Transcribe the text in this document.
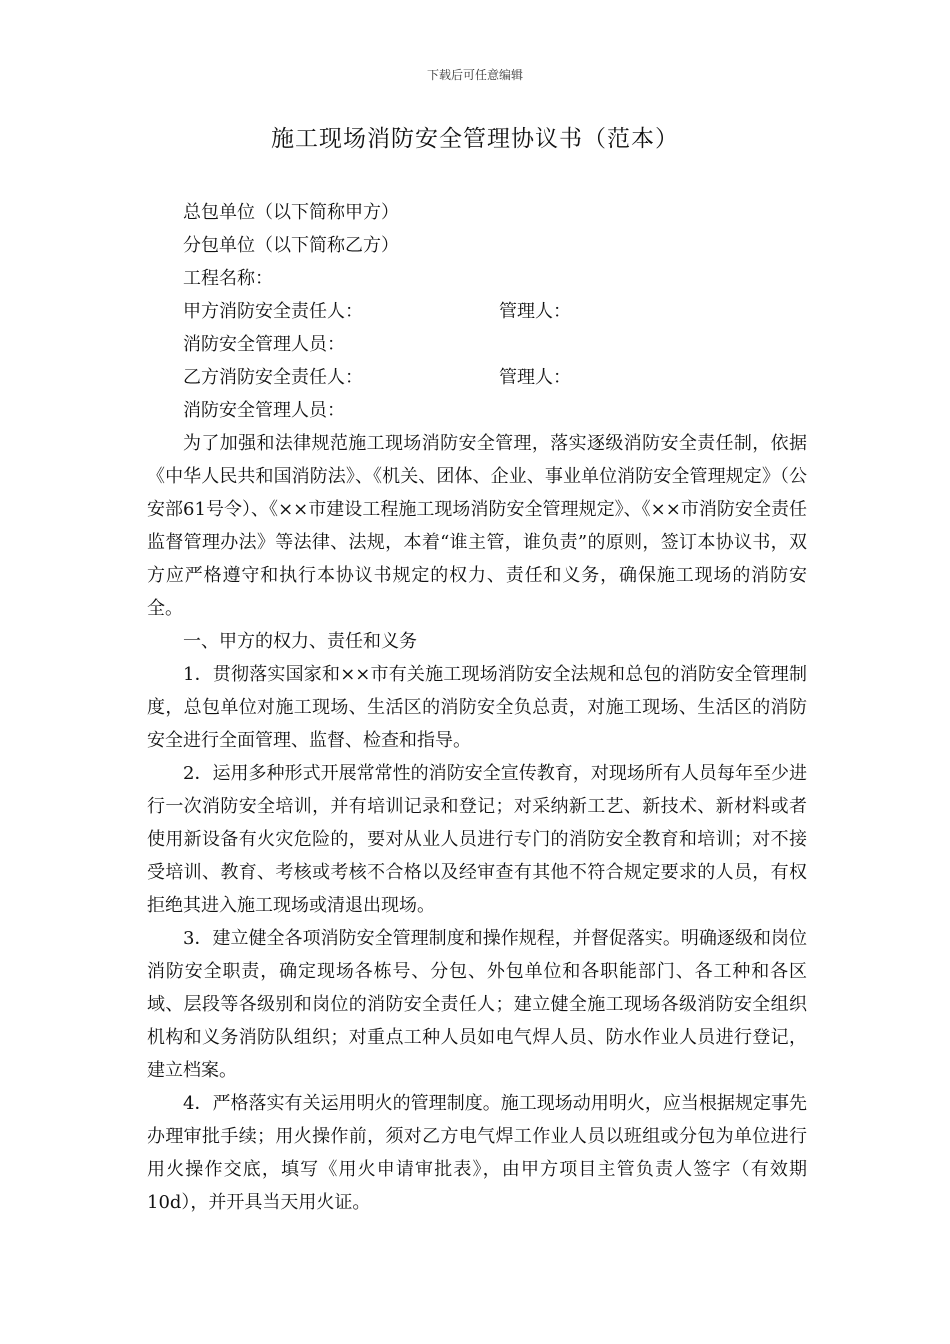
下载后可任意编辑
施工现场消防安全管理协议书（范本）
总包单位（以下简称甲方）
分包单位（以下简称乙方）
工程名称：
甲方消防安全责任人：	管理人：
消防安全管理人员：
乙方消防安全责任人：	管理人：
消防安全管理人员：

为了加强和法律规范施工现场消防安全管理，落实逐级消防安全责任制，依据《中华人民共和国消防法》、《机关、团体、企业、事业单位消防安全管理规定》（公安部61号令）、《××市建设工程施工现场消防安全管理规定》、《××市消防安全责任监督管理办法》等法律、法规，本着“谁主管，谁负责”的原则，签订本协议书，双方应严格遵守和执行本协议书规定的权力、责任和义务，确保施工现场的消防安全。

一、甲方的权力、责任和义务

1．贯彻落实国家和××市有关施工现场消防安全法规和总包的消防安全管理制度，总包单位对施工现场、生活区的消防安全负总责，对施工现场、生活区的消防安全进行全面管理、监督、检查和指导。

2．运用多种形式开展常常性的消防安全宣传教育，对现场所有人员每年至少进行一次消防安全培训，并有培训记录和登记；对采纳新工艺、新技术、新材料或者使用新设备有火灾危险的，要对从业人员进行专门的消防安全教育和培训；对不接受培训、教育、考核或考核不合格以及经审查有其他不符合规定要求的人员，有权拒绝其进入施工现场或清退出现场。

3．建立健全各项消防安全管理制度和操作规程，并督促落实。明确逐级和岗位消防安全职责，确定现场各栋号、分包、外包单位和各职能部门、各工种和各区域、层段等各级别和岗位的消防安全责任人；建立健全施工现场各级消防安全组织机构和义务消防队组织；对重点工种人员如电气焊人员、防水作业人员进行登记，建立档案。

4．严格落实有关运用明火的管理制度。施工现场动用明火，应当根据规定事先办理审批手续；用火操作前，须对乙方电气焊工作业人员以班组或分包为单位进行用火操作交底，填写《用火申请审批表》，由甲方项目主管负责人签字（有效期10d），并开具当天用火证。
